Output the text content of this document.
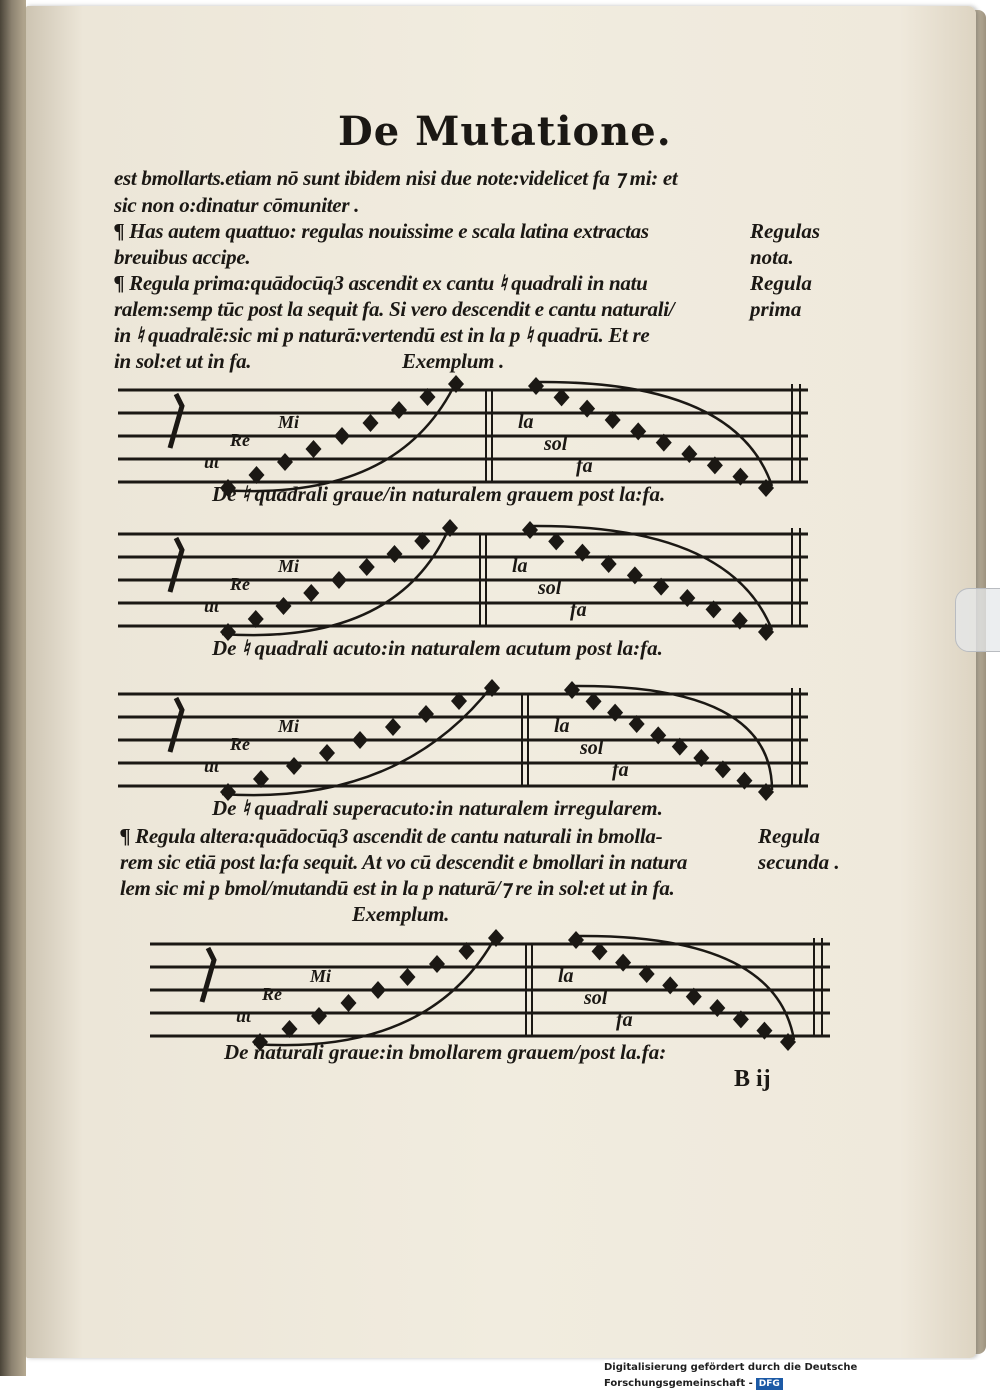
De Mutatione.
est bmollarts.etiam nō sunt ibidem nisi due note:videlicet fa ⁊ mi: et
sic non o:dinatur cōmuniter .
¶ Has autem quattuo: regulas nouissime e scala latina extractas
breuibus accipe.
Regulas
nota.
¶ Regula prima:quādocūq3 ascendit ex cantu ♮ quadrali in natu
ralem:semp tūc post la sequit fa. Si vero descendit e cantu naturali/
in ♮ quadralē:sic mi p naturā:vertendū est in la p ♮ quadrū. Et re
in sol:et ut in fa.	Exemplum .
Regula
prima
ut
Re
Mi	la
sol
fa
De ♮ quadrali graue/in naturalem grauem post la:fa.
ut
Re
Mi	la
sol
fa
De ♮ quadrali acuto:in naturalem acutum post la:fa.
ut
Re
Mi	la
sol
fa
De ♮ quadrali superacuto:in naturalem irregularem.
¶ Regula altera:quādocūq3 ascendit de cantu naturali in bmolla-
rem sic etiā post la:fa sequit. At vo cū descendit e bmollari in natura
lem sic mi p bmol/mutandū est in la p naturā/⁊ re in sol:et ut in fa.
Exemplum.
Regula
secunda .
ut
Re
Mi	la
sol
fa
De naturali graue:in bmollarem grauem/post la.fa:
B ij
Digitalisierung gefördert durch die Deutsche Forschungsgemeinschaft - DFG
